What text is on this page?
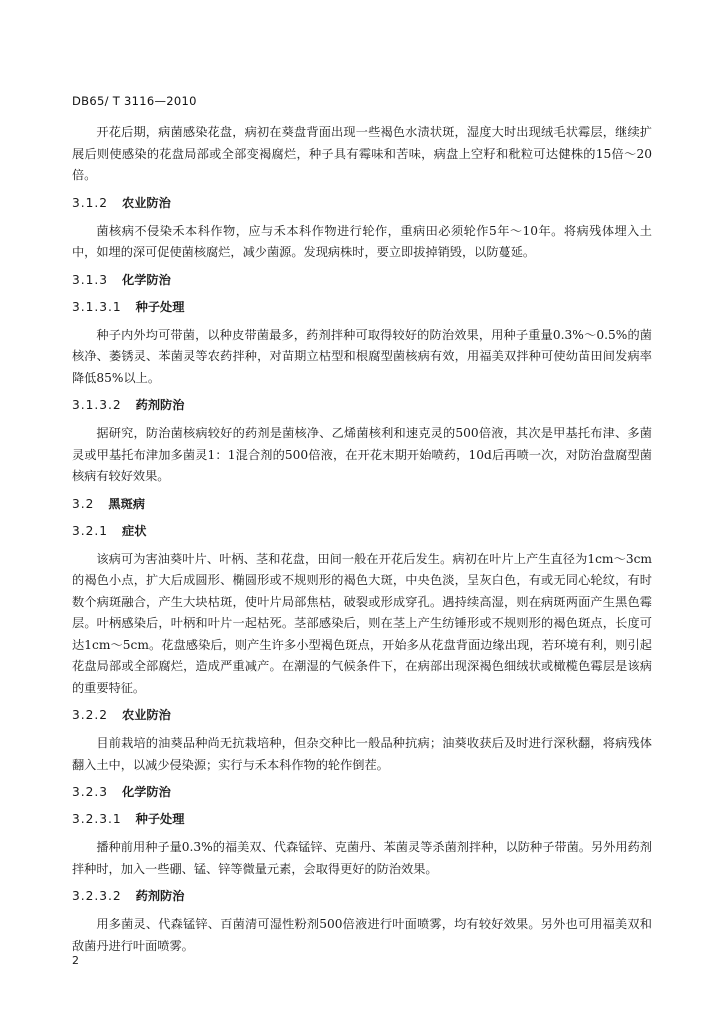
DB65/ T 3116—2010

开花后期，病菌感染花盘，病初在葵盘背面出现一些褐色水渍状斑，湿度大时出现绒毛状霉层，继续扩展后则使感染的花盘局部或全部变褐腐烂，种子具有霉味和苦味，病盘上空籽和秕粒可达健株的15倍～20倍。

3.1.2 农业防治

菌核病不侵染禾本科作物，应与禾本科作物进行轮作，重病田必须轮作5年～10年。将病残体埋入土中，如埋的深可促使菌核腐烂，减少菌源。发现病株时，要立即拔掉销毁，以防蔓延。

3.1.3 化学防治
3.1.3.1 种子处理

种子内外均可带菌，以种皮带菌最多，药剂拌种可取得较好的防治效果，用种子重量0.3%～0.5%的菌核净、萎锈灵、苯菌灵等农药拌种，对苗期立枯型和根腐型菌核病有效，用福美双拌种可使幼苗田间发病率降低85%以上。

3.1.3.2 药剂防治

据研究，防治菌核病较好的药剂是菌核净、乙烯菌核利和速克灵的500倍液，其次是甲基托布津、多菌灵或甲基托布津加多菌灵1：1混合剂的500倍液，在开花末期开始喷药，10d后再喷一次，对防治盘腐型菌核病有较好效果。

3.2 黑斑病
3.2.1 症状

该病可为害油葵叶片、叶柄、茎和花盘，田间一般在开花后发生。病初在叶片上产生直径为1cm～3cm的褐色小点，扩大后成圆形、椭圆形或不规则形的褐色大斑，中央色淡，呈灰白色，有或无同心轮纹，有时数个病斑融合，产生大块枯斑，使叶片局部焦枯，破裂或形成穿孔。遇持续高湿，则在病斑两面产生黑色霉层。叶柄感染后，叶柄和叶片一起枯死。茎部感染后，则在茎上产生纺锤形或不规则形的褐色斑点，长度可达1cm～5cm。花盘感染后，则产生许多小型褐色斑点，开始多从花盘背面边缘出现，若环境有利，则引起花盘局部或全部腐烂，造成严重减产。在潮湿的气候条件下，在病部出现深褐色细绒状或橄榄色霉层是该病的重要特征。

3.2.2 农业防治

目前栽培的油葵品种尚无抗栽培种，但杂交种比一般品种抗病；油葵收获后及时进行深秋翻，将病残体翻入土中，以减少侵染源；实行与禾本科作物的轮作倒茬。

3.2.3 化学防治
3.2.3.1 种子处理

播种前用种子量0.3%的福美双、代森锰锌、克菌丹、苯菌灵等杀菌剂拌种，以防种子带菌。另外用药剂拌种时，加入一些硼、锰、锌等微量元素，会取得更好的防治效果。

3.2.3.2 药剂防治

用多菌灵、代森锰锌、百菌清可湿性粉剂500倍液进行叶面喷雾，均有较好效果。另外也可用福美双和敌菌丹进行叶面喷雾。

2
